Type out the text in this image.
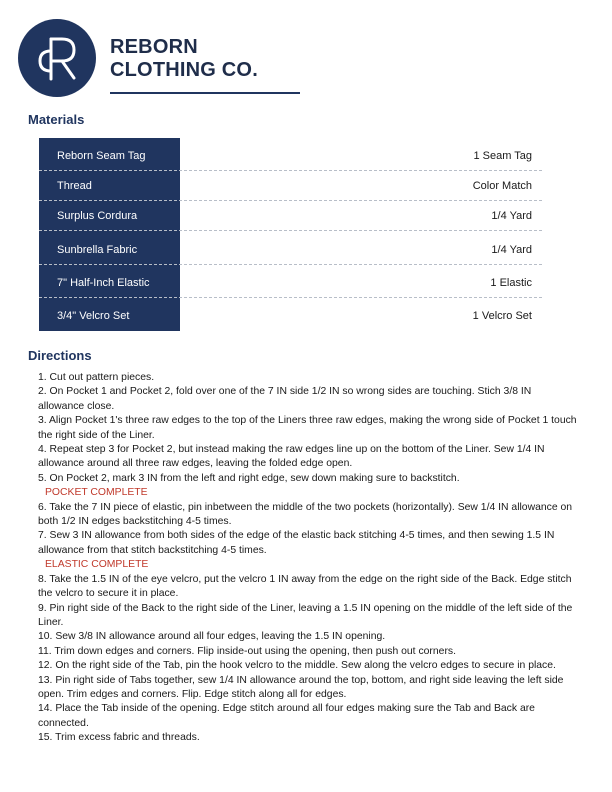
REBORN
CLOTHING CO.
Materials
Reborn Seam Tag	1 Seam Tag
Thread	Color Match
Surplus Cordura	1/4 Yard
Sunbrella Fabric	1/4 Yard
7" Half-Inch Elastic	1 Elastic
3/4" Velcro Set	1 Velcro Set
Directions

1. Cut out pattern pieces.

2. On Pocket 1 and Pocket 2, fold over one of the 7 IN side 1/2 IN so wrong sides are touching. Stich 3/8 IN allowance close.

3. Align Pocket 1's three raw edges to the top of the Liners three raw edges, making the wrong side of Pocket 1 touch the right side of the Liner.

4. Repeat step 3 for Pocket 2, but instead making the raw edges line up on the bottom of the Liner. Sew 1/4 IN allowance around all three raw edges, leaving the folded edge open.

5. On Pocket 2, mark 3 IN from the left and right edge, sew down making sure to backstitch.

POCKET COMPLETE

6. Take the 7 IN piece of elastic, pin inbetween the middle of the two pockets (horizontally). Sew 1/4 IN allowance on both 1/2 IN edges backstitching 4-5 times.

7. Sew 3 IN allowance from both sides of the edge of the elastic back stitching 4-5 times, and then sewing 1.5 IN allowance from that stitch backstitching 4-5 times.

ELASTIC COMPLETE

8. Take the 1.5 IN of the eye velcro, put the velcro 1 IN away from the edge on the right side of the Back. Edge stitch the velcro to secure it in place.

9. Pin right side of the Back to the right side of the Liner, leaving a 1.5 IN opening on the middle of the left side of the Liner.

10. Sew 3/8 IN allowance around all four edges, leaving the 1.5 IN opening.

11. Trim down edges and corners. Flip inside-out using the opening, then push out corners.

12. On the right side of the Tab, pin the hook velcro to the middle. Sew along the velcro edges to secure in place.

13. Pin right side of Tabs together, sew 1/4 IN allowance around the top, bottom, and right side leaving the left side open. Trim edges and corners. Flip. Edge stitch along all for edges.

14. Place the Tab inside of the opening. Edge stitch around all four edges making sure the Tab and Back are connected.

15. Trim excess fabric and threads.
